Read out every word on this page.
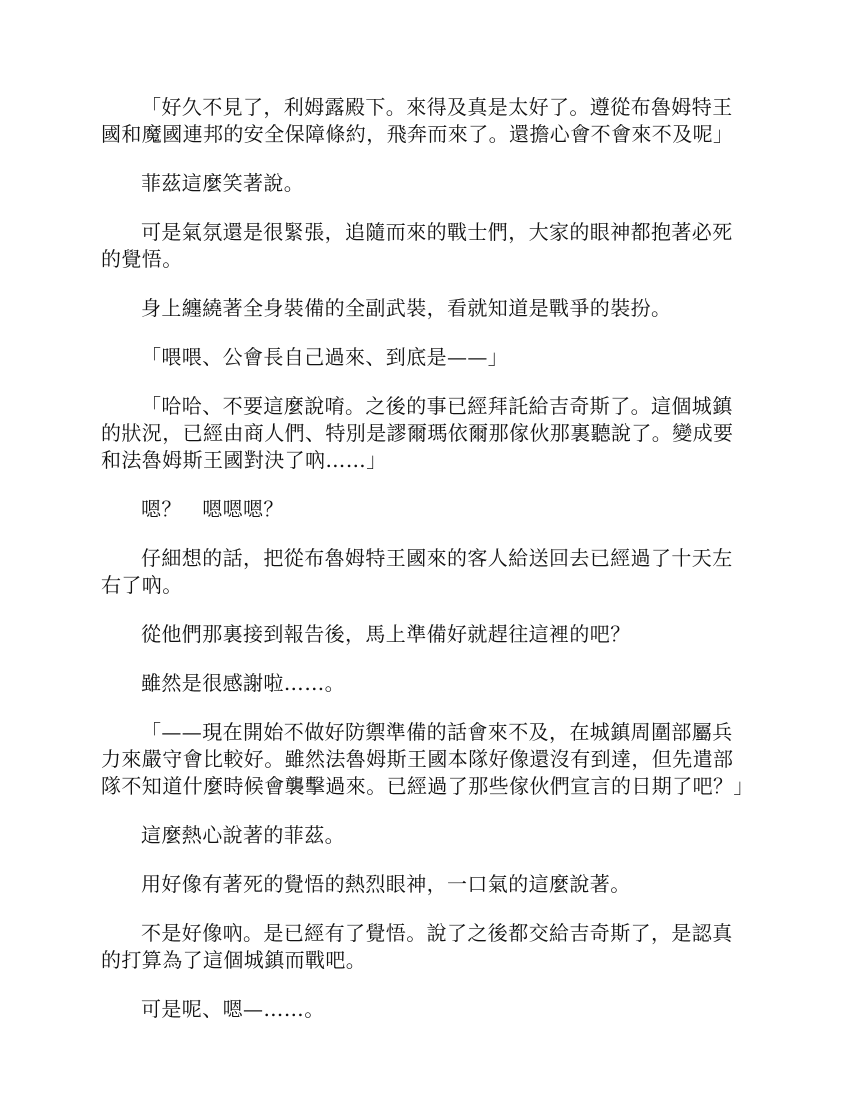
「好久不見了，利姆露殿下。來得及真是太好了。遵從布魯姆特王國和魔國連邦的安全保障條約，飛奔而來了。還擔心會不會來不及呢」

菲茲這麼笑著說。

可是氣氛還是很緊張，追隨而來的戰士們，大家的眼神都抱著必死的覺悟。

身上纏繞著全身裝備的全副武裝，看就知道是戰爭的裝扮。

「喂喂、公會長自己過來、到底是——」

「哈哈、不要這麼說唷。之後的事已經拜託給吉奇斯了。這個城鎮的狀況，已經由商人們、特別是謬爾瑪依爾那傢伙那裏聽說了。變成要和法魯姆斯王國對決了吶……」

嗯？　嗯嗯嗯？

仔細想的話，把從布魯姆特王國來的客人給送回去已經過了十天左右了吶。

從他們那裏接到報告後，馬上準備好就趕往這裡的吧？

雖然是很感謝啦……。

「——現在開始不做好防禦準備的話會來不及，在城鎮周圍部屬兵力來嚴守會比較好。雖然法魯姆斯王國本隊好像還沒有到達，但先遣部隊不知道什麼時候會襲擊過來。已經過了那些傢伙們宣言的日期了吧？」

這麼熱心說著的菲茲。

用好像有著死的覺悟的熱烈眼神，一口氣的這麼說著。

不是好像吶。是已經有了覺悟。說了之後都交給吉奇斯了，是認真的打算為了這個城鎮而戰吧。

可是呢、嗯—……。
